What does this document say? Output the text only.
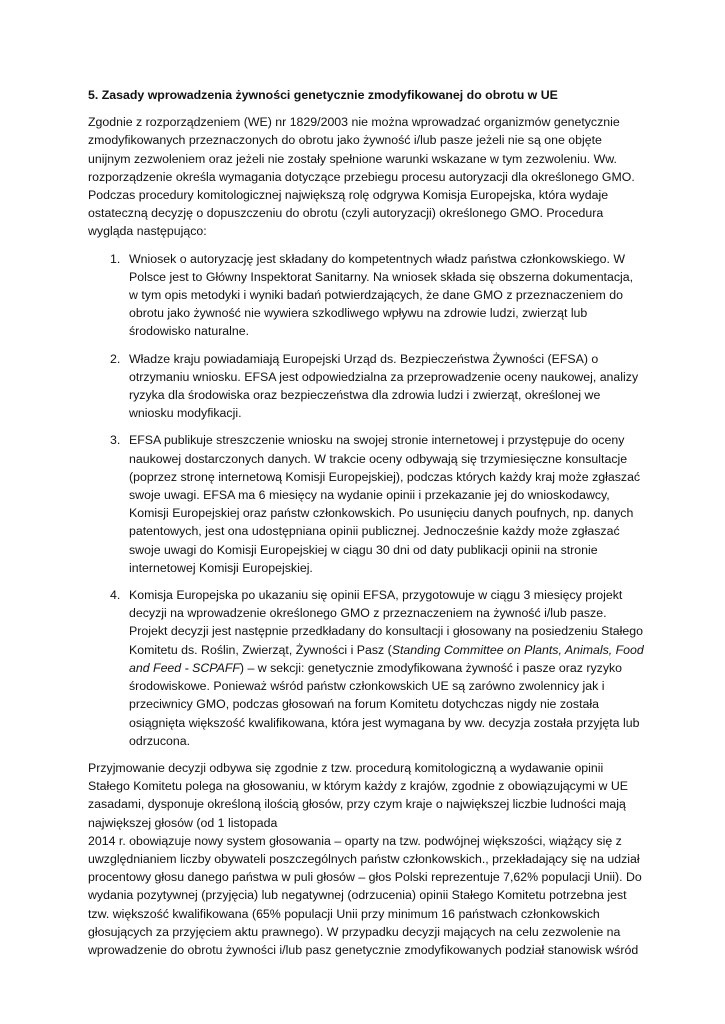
5. Zasady wprowadzenia żywności genetycznie zmodyfikowanej do obrotu w UE

Zgodnie z rozporządzeniem (WE) nr 1829/2003 nie można wprowadzać organizmów genetycznie zmodyfikowanych przeznaczonych do obrotu jako żywność i/lub pasze jeżeli nie są one objęte unijnym zezwoleniem oraz jeżeli nie zostały spełnione warunki wskazane w tym zezwoleniu. Ww. rozporządzenie określa wymagania dotyczące przebiegu procesu autoryzacji dla określonego GMO. Podczas procedury komitologicznej największą rolę odgrywa Komisja Europejska, która wydaje ostateczną decyzję o dopuszczeniu do obrotu (czyli autoryzacji) określonego GMO. Procedura wygląda następująco:

1. Wniosek o autoryzację jest składany do kompetentnych władz państwa członkowskiego. W Polsce jest to Główny Inspektorat Sanitarny. Na wniosek składa się obszerna dokumentacja, w tym opis metodyki i wyniki badań potwierdzających, że dane GMO z przeznaczeniem do obrotu jako żywność nie wywiera szkodliwego wpływu na zdrowie ludzi, zwierząt lub środowisko naturalne.
2. Władze kraju powiadamiają Europejski Urząd ds. Bezpieczeństwa Żywności (EFSA) o otrzymaniu wniosku. EFSA jest odpowiedzialna za przeprowadzenie oceny naukowej, analizy ryzyka dla środowiska oraz bezpieczeństwa dla zdrowia ludzi i zwierząt, określonej we wniosku modyfikacji.
3. EFSA publikuje streszczenie wniosku na swojej stronie internetowej i przystępuje do oceny naukowej dostarczonych danych. W trakcie oceny odbywają się trzymiesięczne konsultacje (poprzez stronę internetową Komisji Europejskiej), podczas których każdy kraj może zgłaszać swoje uwagi. EFSA ma 6 miesięcy na wydanie opinii i przekazanie jej do wnioskodawcy, Komisji Europejskiej oraz państw członkowskich. Po usunięciu danych poufnych, np. danych patentowych, jest ona udostępniana opinii publicznej. Jednocześnie każdy może zgłaszać swoje uwagi do Komisji Europejskiej w ciągu 30 dni od daty publikacji opinii na stronie internetowej Komisji Europejskiej.
4. Komisja Europejska po ukazaniu się opinii EFSA, przygotowuje w ciągu 3 miesięcy projekt decyzji na wprowadzenie określonego GMO z przeznaczeniem na żywność i/lub pasze. Projekt decyzji jest następnie przedkładany do konsultacji i głosowany na posiedzeniu Stałego Komitetu ds. Roślin, Zwierząt, Żywności i Pasz (Standing Committee on Plants, Animals, Food and Feed - SCPAFF) – w sekcji: genetycznie zmodyfikowana żywność i pasze oraz ryzyko środowiskowe. Ponieważ wśród państw członkowskich UE są zarówno zwolennicy jak i przeciwnicy GMO, podczas głosowań na forum Komitetu dotychczas nigdy nie została osiągnięta większość kwalifikowana, która jest wymagana by ww. decyzja została przyjęta lub odrzucona.

Przyjmowanie decyzji odbywa się zgodnie z tzw. procedurą komitologiczną a wydawanie opinii Stałego Komitetu polega na głosowaniu, w którym każdy z krajów, zgodnie z obowiązującymi w UE zasadami, dysponuje określoną ilością głosów, przy czym kraje o największej liczbie ludności mają największej głosów (od 1 listopada
2014 r. obowiązuje nowy system głosowania – oparty na tzw. podwójnej większości, wiążący się z uwzględnianiem liczby obywateli poszczególnych państw członkowskich., przekładający się na udział procentowy głosu danego państwa w puli głosów – głos Polski reprezentuje 7,62% populacji Unii). Do wydania pozytywnej (przyjęcia) lub negatywnej (odrzucenia) opinii Stałego Komitetu potrzebna jest tzw. większość kwalifikowana (65% populacji Unii przy minimum 16 państwach członkowskich głosujących za przyjęciem aktu prawnego). W przypadku decyzji mających na celu zezwolenie na wprowadzenie do obrotu żywności i/lub pasz genetycznie zmodyfikowanych podział stanowisk wśród
